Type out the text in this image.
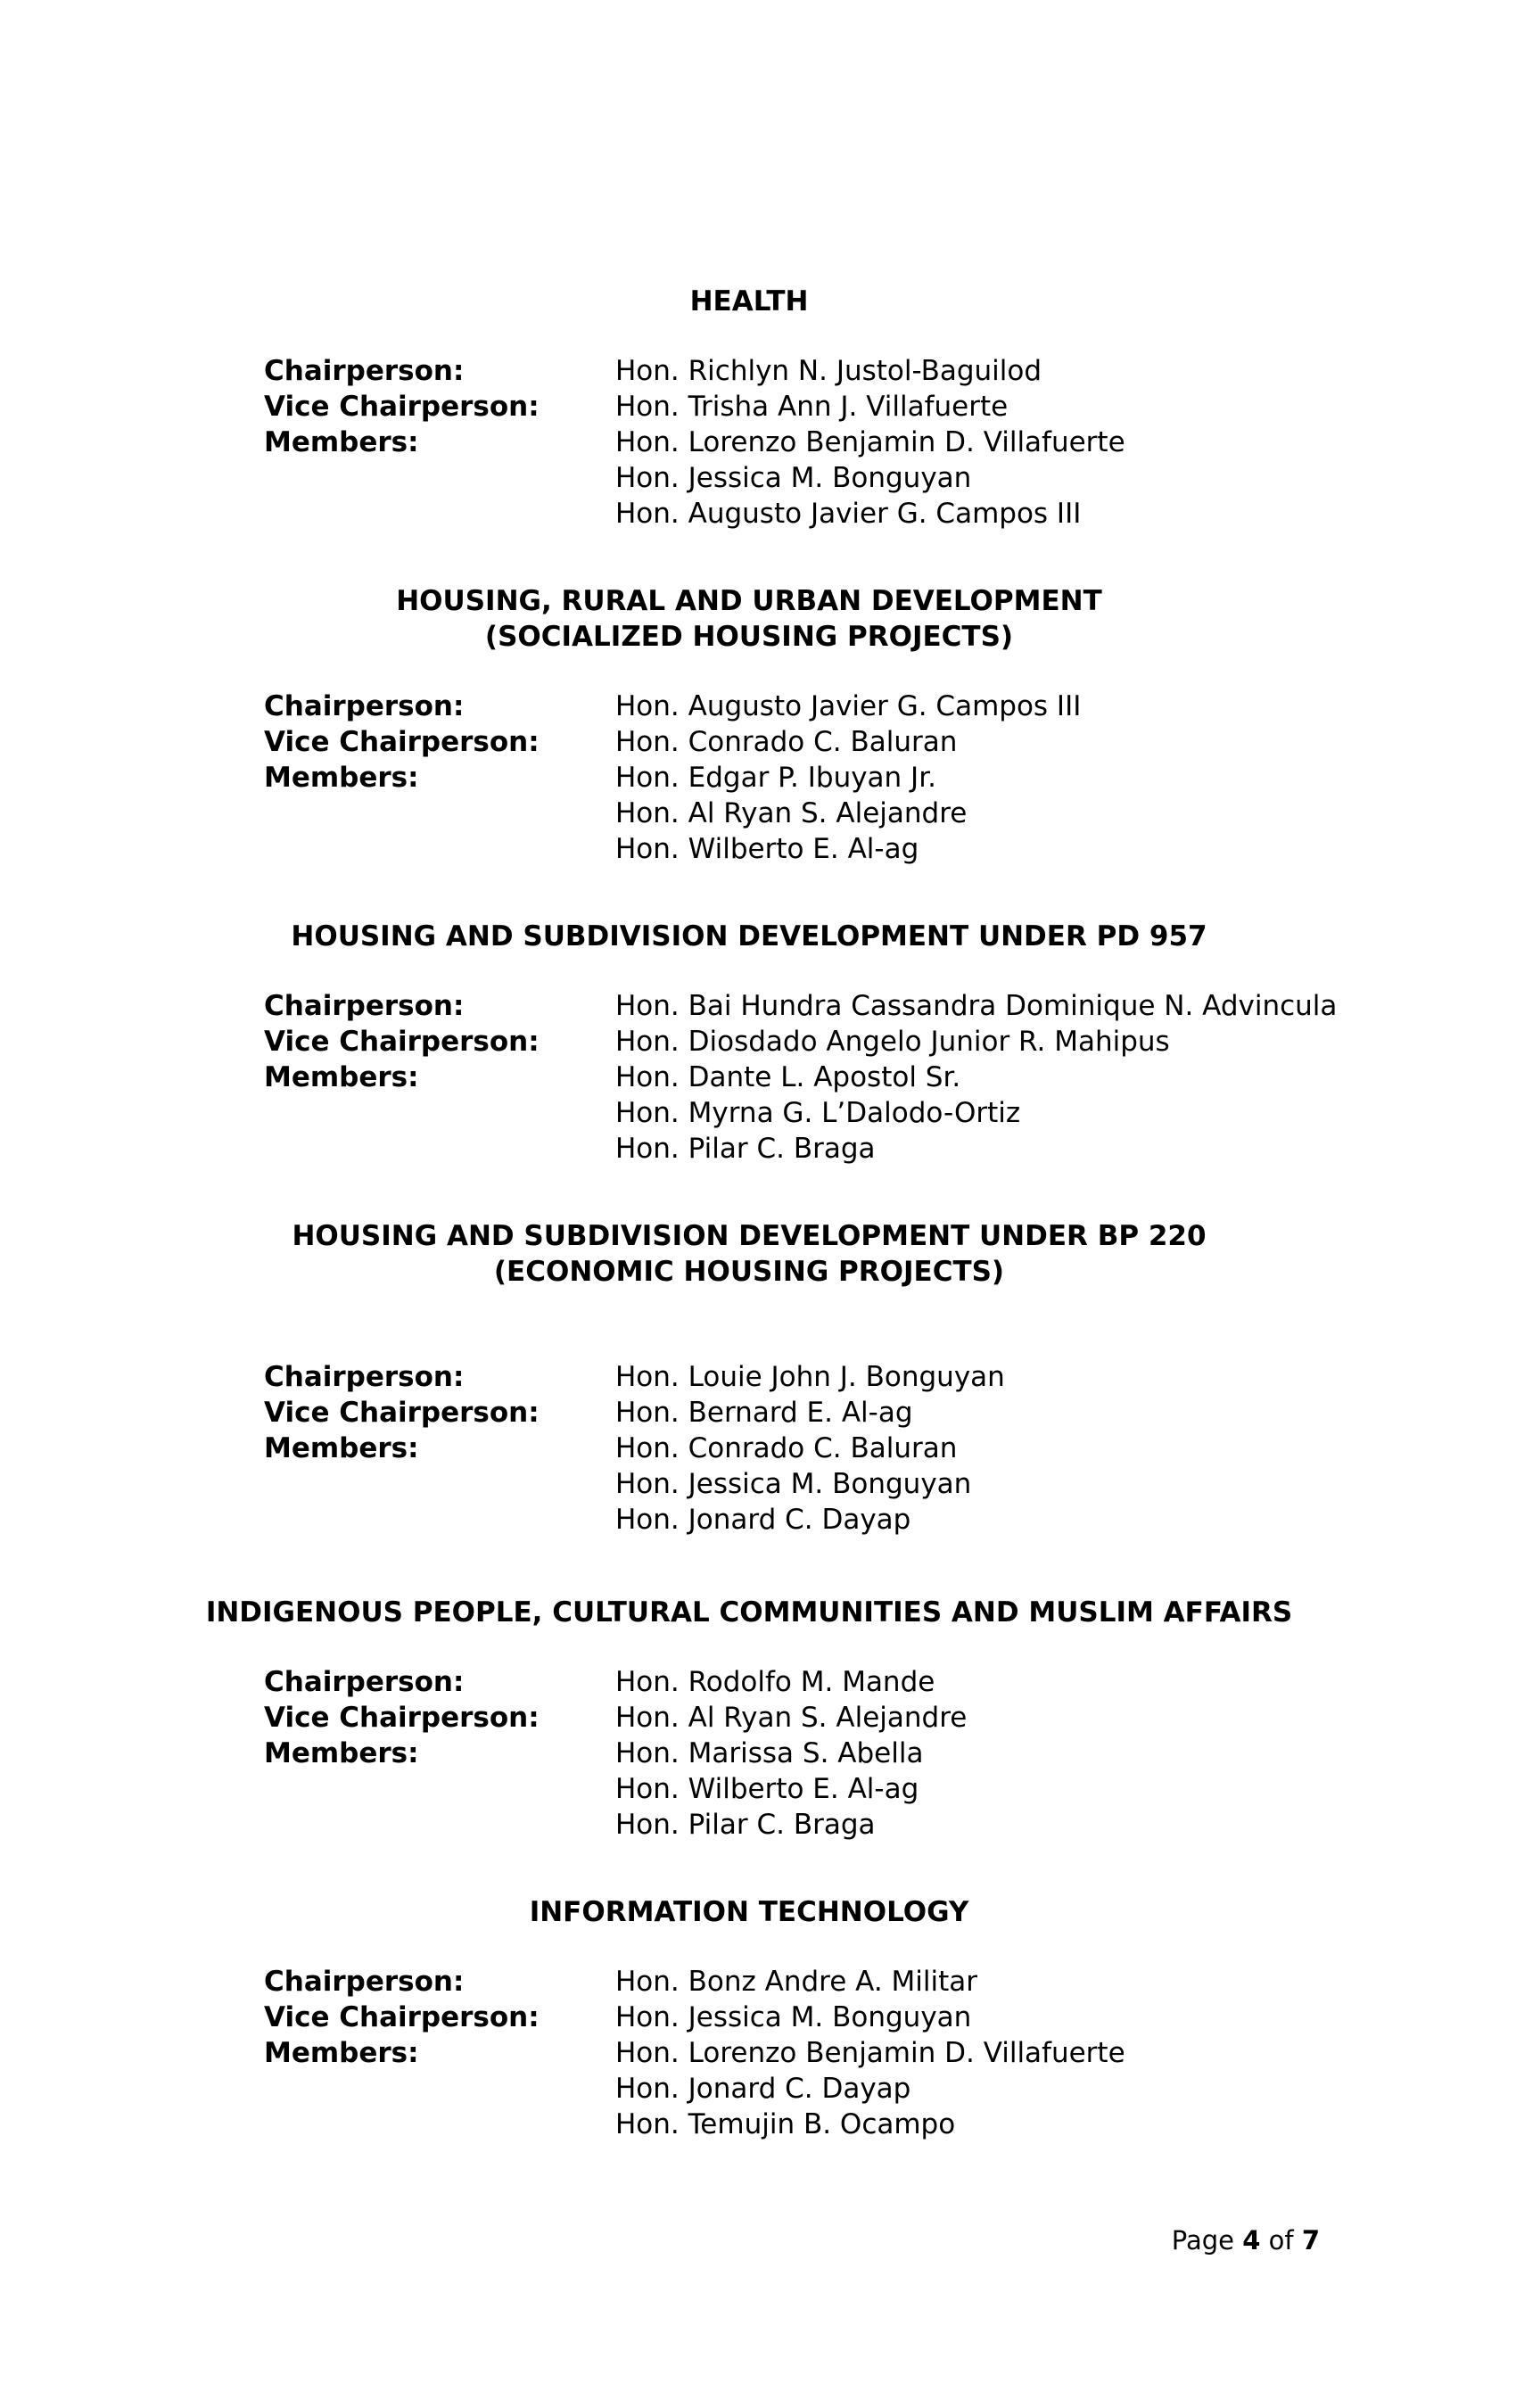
HEALTH
Chairperson:	Hon. Richlyn N. Justol-Baguilod
Vice Chairperson:	Hon. Trisha Ann J. Villafuerte
Members:	Hon. Lorenzo Benjamin D. Villafuerte
Hon. Jessica M. Bonguyan
Hon. Augusto Javier G. Campos III
HOUSING, RURAL AND URBAN DEVELOPMENT
(SOCIALIZED HOUSING PROJECTS)
Chairperson:	Hon. Augusto Javier G. Campos III
Vice Chairperson:	Hon. Conrado C. Baluran
Members:	Hon. Edgar P. Ibuyan Jr.
Hon. Al Ryan S. Alejandre
Hon. Wilberto E. Al-ag
HOUSING AND SUBDIVISION DEVELOPMENT UNDER PD 957
Chairperson:	Hon. Bai Hundra Cassandra Dominique N. Advincula
Vice Chairperson:	Hon. Diosdado Angelo Junior R. Mahipus
Members:	Hon. Dante L. Apostol Sr.
Hon. Myrna G. L’Dalodo-Ortiz
Hon. Pilar C. Braga
HOUSING AND SUBDIVISION DEVELOPMENT UNDER BP 220
(ECONOMIC HOUSING PROJECTS)
Chairperson:	Hon. Louie John J. Bonguyan
Vice Chairperson:	Hon. Bernard E. Al-ag
Members:	Hon. Conrado C. Baluran
Hon. Jessica M. Bonguyan
Hon. Jonard C. Dayap
INDIGENOUS PEOPLE, CULTURAL COMMUNITIES AND MUSLIM AFFAIRS
Chairperson:	Hon. Rodolfo M. Mande
Vice Chairperson:	Hon. Al Ryan S. Alejandre
Members:	Hon. Marissa S. Abella
Hon. Wilberto E. Al-ag
Hon. Pilar C. Braga
INFORMATION TECHNOLOGY
Chairperson:	Hon. Bonz Andre A. Militar
Vice Chairperson:	Hon. Jessica M. Bonguyan
Members:	Hon. Lorenzo Benjamin D. Villafuerte
Hon. Jonard C. Dayap
Hon. Temujin B. Ocampo
Page 4 of 7
